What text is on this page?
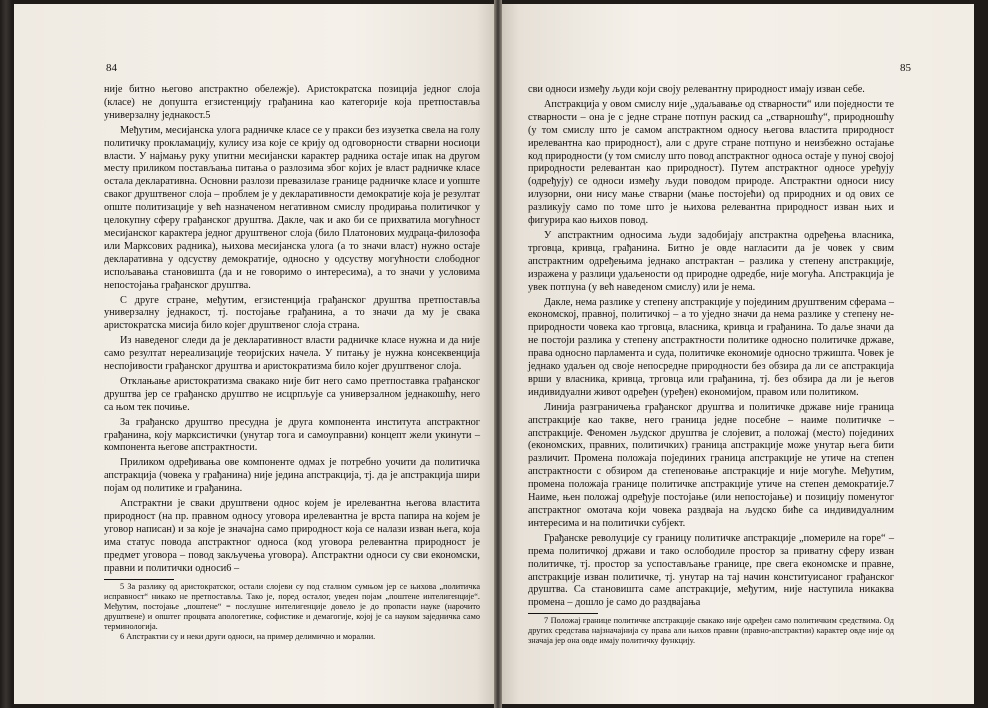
84

није битно његово апстрактно обележје). Аристократска позиција једног слоја (класе) не допушта егзистенцију грађанина као категорије која претпоставља универзалну једнакост.5

Међутим, месијанска улога радничке класе се у пракси без изузетка свела на голу политичку прокламацију, кулису иза које се крију од одговорности стварни носиоци власти. У најмању руку упитни месијански карактер радника остаје ипак на другом месту приликом постављања питања о разлозима због којих је власт радничке класе остала декларативна. Основни разлози превазилазе границе радничке класе и уопште сваког друштвеног слоја – проблем је у декларативности демократије која је резултат опште политизације у већ назначеном негативном смислу продирања политичког у целокупну сферу грађанског друштва. Дакле, чак и ако би се прихватила могућност месијанског карактера једног друштвеног слоја (било Платонових мудраца-филозофа или Марксових радника), њихова месијанска улога (а то значи власт) нужно остаје декларативна у одсуству демократије, односно у одсуству могућности слободног испољавања становишта (да и не говоримо о интересима), а то значи у условима непостојања грађанског друштва.

С друге стране, међутим, егзистенција грађанског друштва претпоставља универзалну једнакост, тј. постојање грађанина, а то значи да му је свака аристократска мисија било којег друштвеног слоја страна.

Из наведеног следи да је декларативност власти радничке класе нужна и да није само резултат нереализације теоријских начела. У питању је нужна консеквенција неспојивости грађанског друштва и аристократизма било којег друштвеног слоја.

Отклањање аристократизма свакако није бит него само претпоставка грађанског друштва јер се грађанско друштво не исцрпљује са универзалном једнакошћу, него са њом тек почиње.

За грађанско друштво пресудна је друга компонента института апстрактног грађанина, коју марксистички (унутар тога и самоуправни) концепт жели укинути – компонента његове апстрактности.

Приликом одређивања ове компоненте одмах је потребно уочити да политичка апстракција (човека у грађанина) није једина апстракција, тј. да је апстракција шири појам од политике и грађанина.

Апстрактни је сваки друштвени однос којем је ирелевантна његова властита природност (на пр. правном односу уговора ирелевантна је врста папира на којем је уговор написан) и за које је значајна само природност која се налази изван њега, која има статус повода апстрактног односа (код уговора релевантна природност је предмет уговора – повод закључења уговора). Апстрактни односи су сви економски, правни и политички односи6 –

5 За разлику од аристократског, остали слојеви су под сталном сумњом јер се њихова „политичка исправност“ никако не претпоставља. Тако је, поред осталог, уведен појам „поштене интелигенције“. Међутим, постојање „поштене“ = послушне интелигенције довело је до пропасти науке (нарочито друштвене) и општег процвата апологетике, софистике и демагогије, којој је са науком заједничка само терминологија.

6 Апстрактни су и неки други односи, на пример делимично и морални.

85

сви односи између људи који своју релевантну природност имају изван себе.

Апстракција у овом смислу није „удаљавање од стварности“ или поједности те стварности – она је с једне стране потпун раскид са „стварношћу“, природношћу (у том смислу што је самом апстрактном односу његова властита природност ирелевантна као природност), али с друге стране потпуно и неизбежно остајање код природности (у том смислу што повод апстрактног односа остаје у пуној својој природности релевантан као природност). Путем апстрактног односе уређују (одређују) се односи између људи поводом природе. Апстрактни односи нису илузорни, они нису мање стварни (мање постојећи) од природних и од ових се разликују само по томе што је њихова релевантна природност изван њих и фигурира као њихов повод.

У апстрактним односима људи задобијају апстрактна одређења власника, трговца, кривца, грађанина. Битно је овде нагласити да је човек у свим апстрактним одређењима једнако апстрактан – разлика у степену апстракције, изражена у разлици удаљености од природне одредбе, није могућа. Апстракција је увек потпуна (у већ наведеном смислу) или је нема.

Дакле, нема разлике у степену апстракције у појединим друштвеним сферама – економској, правној, политичкој – а то уједно значи да нема разлике у степену не-природности човека као трговца, власника, кривца и грађанина. То даље значи да не постоји разлика у степену апстрактности политике односно политичке државе, права односно парламента и суда, политичке економије односно тржишта. Човек је једнако удаљен од своје непосредне природности без обзира да ли се апстракција врши у власника, кривца, трговца или грађанина, тј. без обзира да ли је његов индивидуални живот одређен (уређен) економијом, правом или политиком.

Линија разграничења грађанског друштва и политичке државе није граница апстракције као такве, него граница једне посебне – наиме политичке – апстракције. Феномен људског друштва је слојевит, а положај (место) појединих (економских, правних, политичких) граница апстракције може унутар њега бити различит. Промена положаја појединих граница апстракције не утиче на степен апстрактности с обзиром да степеновање апстракције и није могуће. Међутим, промена положаја границе политичке апстракције утиче на степен демократије.7 Наиме, њен положај одређује постојање (или непостојање) и позицију поменутог апстрактног омотача који човека раздваја на људско биће са индивидуалним интересима и на политички субјект.

Грађанске револуције су границу политичке апстракције „помериле на горе“ – према политичкој држави и тако ослободиле простор за приватну сферу изван политичке, тј. простор за успостављање границе, пре свега економске и правне, апстракције изван политичке, тј. унутар на тај начин конституисаног грађанског друштва. Са становишта саме апстракције, међутим, није наступила никаква промена – дошло је само до раздвајања

7 Положај границе политичке апстракције свакако није одређен само политичким средствима. Од других средстава најзначајнија су права али њихов правни (правно-апстрактни) карактер овде није од значаја јер она овде имају политичку функцију.
